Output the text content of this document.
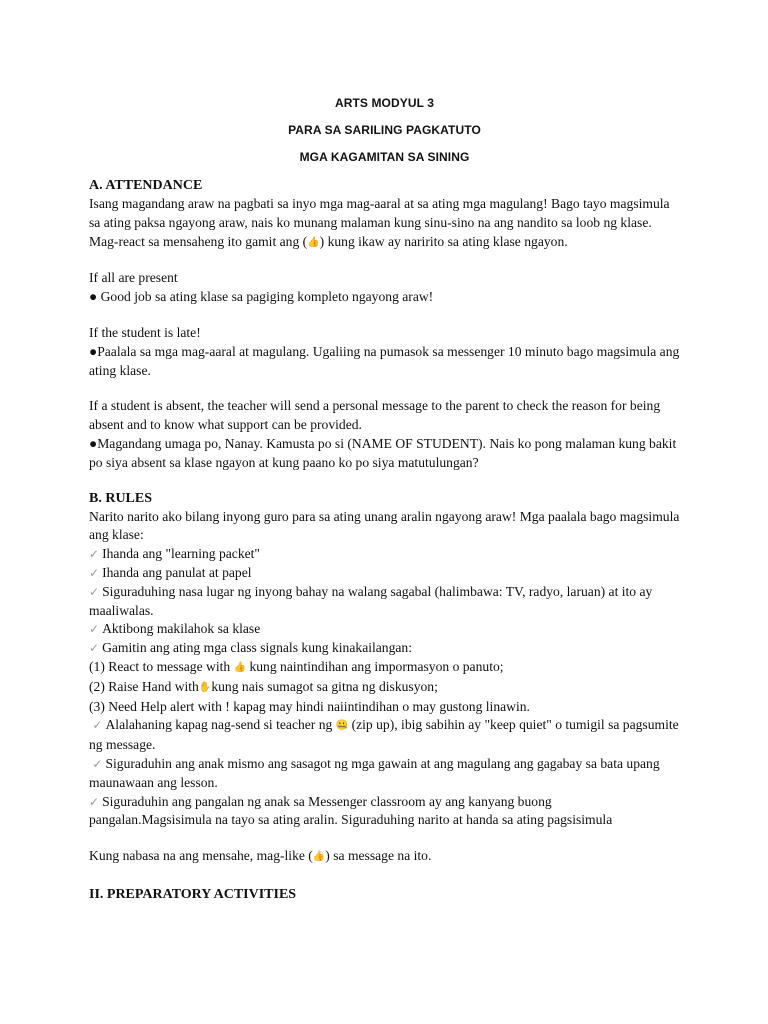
ARTS MODYUL 3

PARA SA SARILING PAGKATUTO

MGA KAGAMITAN SA SINING

A. ATTENDANCE

Isang magandang araw na pagbati sa inyo mga mag-aaral at sa ating mga magulang! Bago tayo magsimula sa ating paksa ngayong araw, nais ko munang malaman kung sinu-sino na ang nandito sa loob ng klase. Mag-react sa mensaheng ito gamit ang (👍) kung ikaw ay naririto sa ating klase ngayon.

If all are present

● Good job sa ating klase sa pagiging kompleto ngayong araw!

If the student is late!

●Paalala sa mga mag-aaral at magulang. Ugaliing na pumasok sa messenger 10 minuto bago magsimula ang ating klase.

If a student is absent, the teacher will send a personal message to the parent to check the reason for being absent and to know what support can be provided.

●Magandang umaga po, Nanay. Kamusta po si (NAME OF STUDENT). Nais ko pong malaman kung bakit po siya absent sa klase ngayon at kung paano ko po siya matutulungan?

B. RULES

Narito narito ako bilang inyong guro para sa ating unang aralin ngayong araw! Mga paalala bago magsimula ang klase:

✓ Ihanda ang "learning packet"

✓ Ihanda ang panulat at papel

✓ Siguraduhing nasa lugar ng inyong bahay na walang sagabal (halimbawa: TV, radyo, laruan) at ito ay maaliwalas.

✓ Aktibong makilahok sa klase

✓ Gamitin ang ating mga class signals kung kinakailangan:

(1) React to message with 👍 kung naintindihan ang impormasyon o panuto;

(2) Raise Hand with✋kung nais sumagot sa gitna ng diskusyon;

(3) Need Help alert with ! kapag may hindi naiintindihan o may gustong linawin.

✓ Alalahaning kapag nag-send si teacher ng 🤐 (zip up), ibig sabihin ay "keep quiet" o tumigil sa pagsumite ng message.

✓ Siguraduhin ang anak mismo ang sasagot ng mga gawain at ang magulang ang gagabay sa bata upang maunawaan ang lesson.

✓ Siguraduhin ang pangalan ng anak sa Messenger classroom ay ang kanyang buong

pangalan.Magsisimula na tayo sa ating aralin. Siguraduhing narito at handa sa ating pagsisimula

Kung nabasa na ang mensahe, mag-like (👍) sa message na ito.

II. PREPARATORY ACTIVITIES
